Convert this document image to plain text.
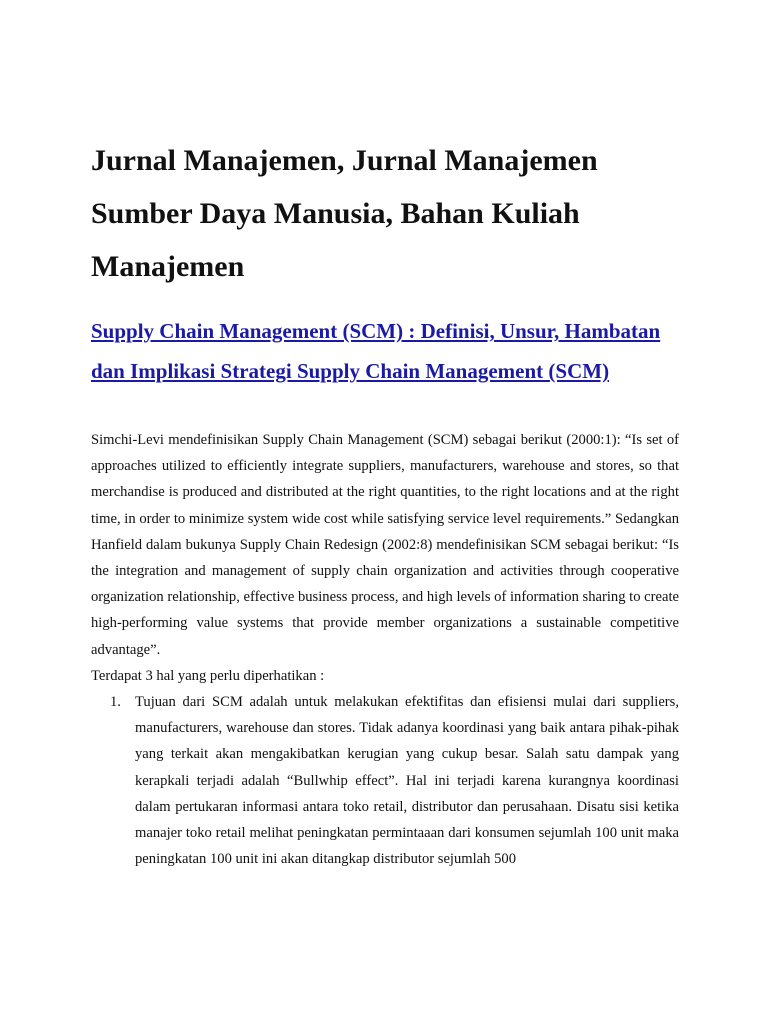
Jurnal Manajemen, Jurnal Manajemen Sumber Daya Manusia, Bahan Kuliah Manajemen
Supply Chain Management (SCM) : Definisi, Unsur, Hambatan dan Implikasi Strategi Supply Chain Management (SCM)

Simchi-Levi mendefinisikan Supply Chain Management (SCM) sebagai berikut (2000:1): “Is set of approaches utilized to efficiently integrate suppliers, manufacturers, warehouse and stores, so that merchandise is produced and distributed at the right quantities, to the right locations and at the right time, in order to minimize system wide cost while satisfying service level requirements.” Sedangkan Hanfield dalam bukunya Supply Chain Redesign (2002:8) mendefinisikan SCM sebagai berikut: “Is the integration and management of supply chain organization and activities through cooperative organization relationship, effective business process, and high levels of information sharing to create high-performing value systems that provide member organizations a sustainable competitive advantage”.

Terdapat 3 hal yang perlu diperhatikan :

1. Tujuan dari SCM adalah untuk melakukan efektifitas dan efisiensi mulai dari suppliers, manufacturers, warehouse dan stores. Tidak adanya koordinasi yang baik antara pihak-pihak yang terkait akan mengakibatkan kerugian yang cukup besar. Salah satu dampak yang kerapkali terjadi adalah “Bullwhip effect”. Hal ini terjadi karena kurangnya koordinasi dalam pertukaran informasi antara toko retail, distributor dan perusahaan. Disatu sisi ketika manajer toko retail melihat peningkatan permintaaan dari konsumen sejumlah 100 unit maka peningkatan 100 unit ini akan ditangkap distributor sejumlah 500
